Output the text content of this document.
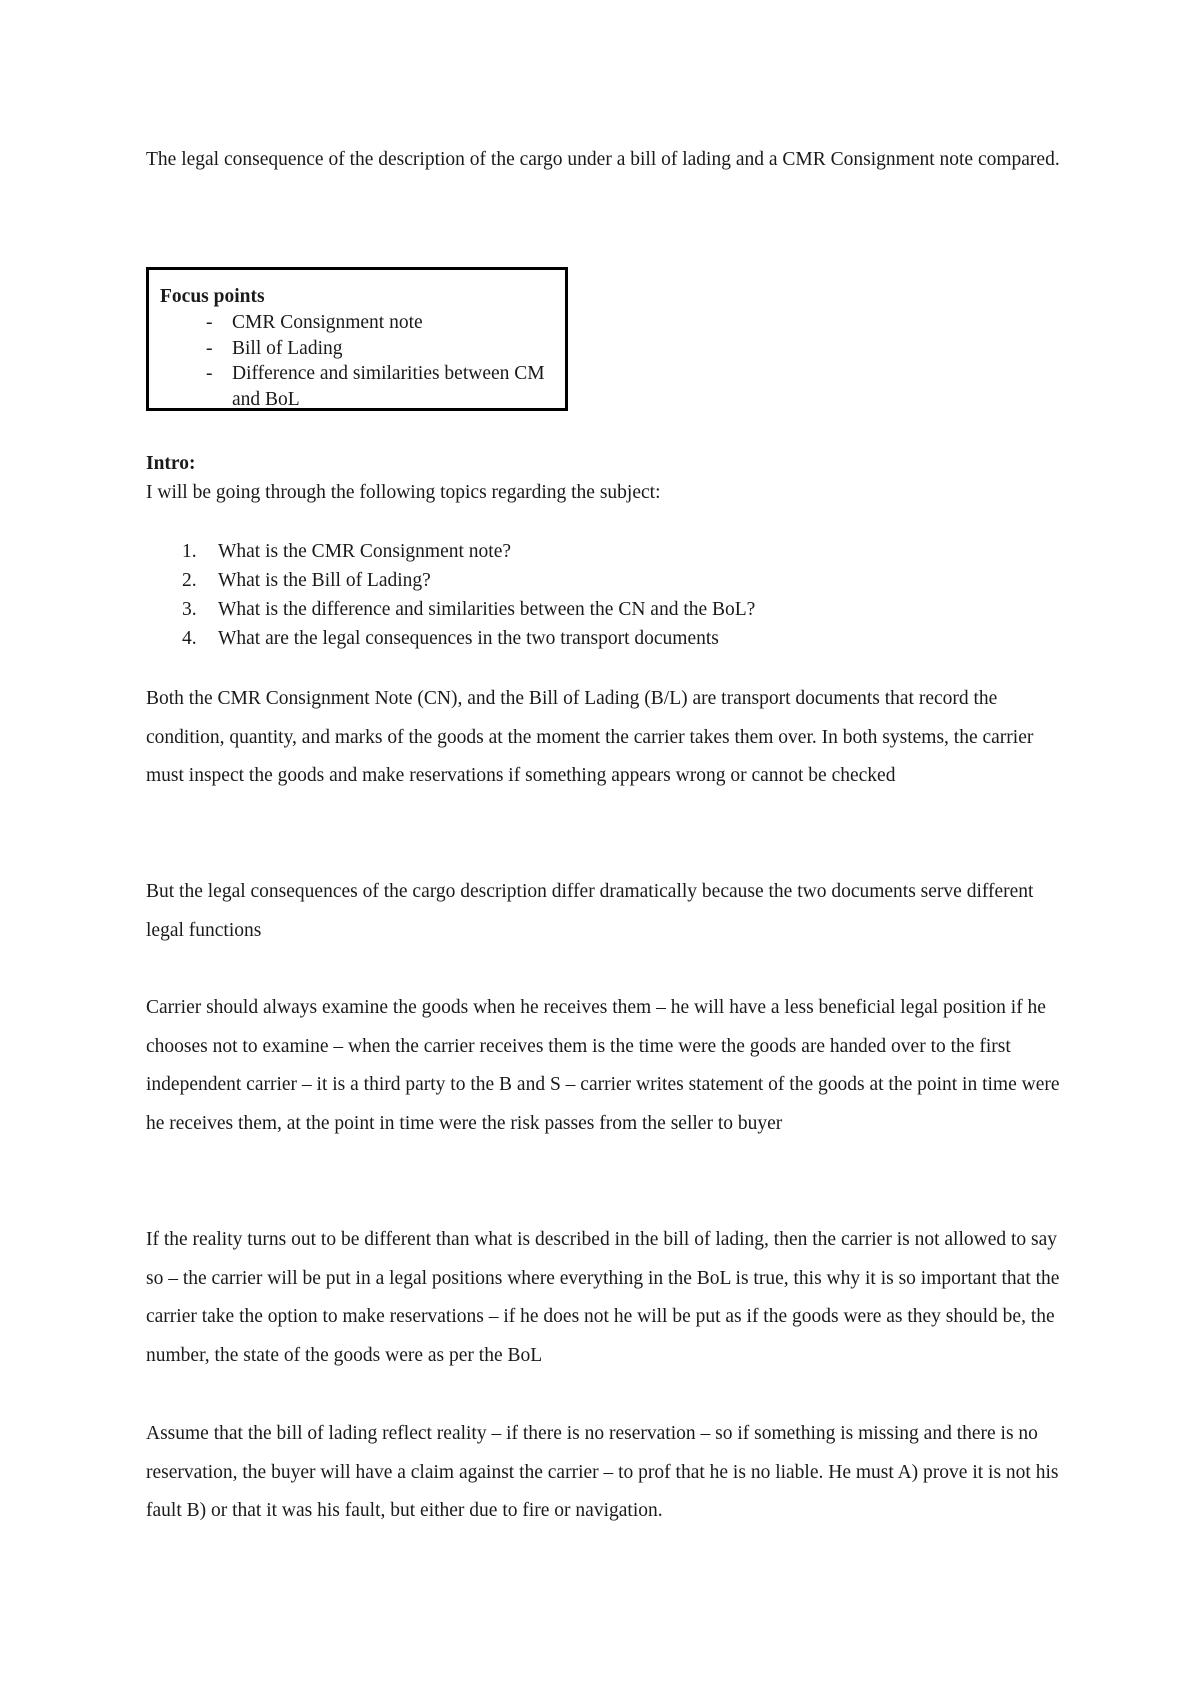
The legal consequence of the description of the cargo under a bill of lading and a CMR Consignment note compared.

Focus points
- CMR Consignment note
- Bill of Lading
- Difference and similarities between CM and BoL
Intro:
I will be going through the following topics regarding the subject:
1. What is the CMR Consignment note?
2. What is the Bill of Lading?
3. What is the difference and similarities between the CN and the BoL?
4. What are the legal consequences in the two transport documents

Both the CMR Consignment Note (CN), and the Bill of Lading (B/L) are transport documents that record the condition, quantity, and marks of the goods at the moment the carrier takes them over. In both systems, the carrier must inspect the goods and make reservations if something appears wrong or cannot be checked

But the legal consequences of the cargo description differ dramatically because the two documents serve different legal functions

Carrier should always examine the goods when he receives them – he will have a less beneficial legal position if he chooses not to examine – when the carrier receives them is the time were the goods are handed over to the first independent carrier – it is a third party to the B and S – carrier writes statement of the goods at the point in time were he receives them, at the point in time were the risk passes from the seller to buyer

If the reality turns out to be different than what is described in the bill of lading, then the carrier is not allowed to say so – the carrier will be put in a legal positions where everything in the BoL is true, this why it is so important that the carrier take the option to make reservations – if he does not he will be put as if the goods were as they should be, the number, the state of the goods were as per the BoL

Assume that the bill of lading reflect reality – if there is no reservation – so if something is missing and there is no reservation, the buyer will have a claim against the carrier – to prof that he is no liable. He must A) prove it is not his fault B) or that it was his fault, but either due to fire or navigation.
